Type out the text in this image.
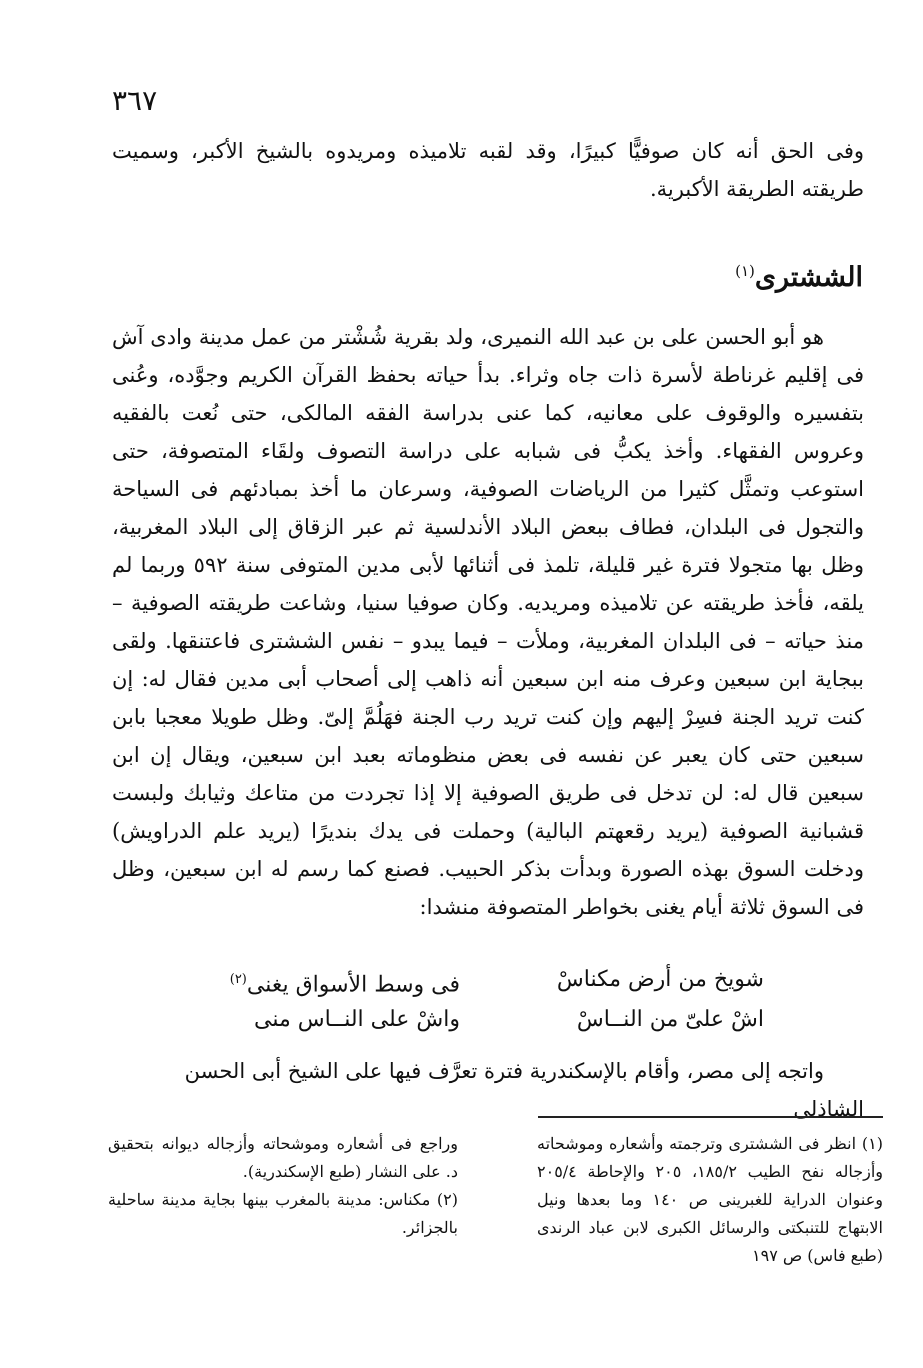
٣٦٧
وفى الحق أنه كان صوفيًّا كبيرًا، وقد لقبه تلاميذه ومريدوه بالشيخ الأكبر، وسميت طريقته الطريقة الأكبرية.
الششترى$^{(١)}$
هو أبو الحسن على بن عبد الله النميرى، ولد بقرية شُشْتر من عمل مدينة وادى آش فى إقليم غرناطة لأسرة ذات جاه وثراء. بدأ حياته بحفظ القرآن الكريم وجوَّده، وعُنى بتفسيره والوقوف على معانيه، كما عنى بدراسة الفقه المالكى، حتى نُعت بالفقيه وعروس الفقهاء. وأخذ يكبُّ فى شبابه على دراسة التصوف ولقَاء المتصوفة، حتى استوعب وتمثَّل كثيرا من الرياضات الصوفية، وسرعان ما أخذ بمبادئهم فى السياحة والتجول فى البلدان، فطاف ببعض البلاد الأندلسية ثم عبر الزقاق إلى البلاد المغربية، وظل بها متجولا فترة غير قليلة، تلمذ فى أثنائها لأبى مدين المتوفى سنة ٥٩٢ وربما لم يلقه، فأخذ طريقته عن تلاميذه ومريديه. وكان صوفيا سنيا، وشاعت طريقته الصوفية – منذ حياته – فى البلدان المغربية، وملأت – فيما يبدو – نفس الششترى فاعتنقها. ولقى ببجاية ابن سبعين وعرف منه ابن سبعين أنه ذاهب إلى أصحاب أبى مدين فقال له: إن كنت تريد الجنة فسِرْ إليهم وإن كنت تريد رب الجنة فهَلُمَّ إلىّ. وظل طويلا معجبا بابن سبعين حتى كان يعبر عن نفسه فى بعض منظوماته بعبد ابن سبعين، ويقال إن ابن سبعين قال له: لن تدخل فى طريق الصوفية إلا إذا تجردت من متاعك وثيابك ولبست قشبانية الصوفية (يريد رقعهتم البالية) وحملت فى يدك بنديرًا (يريد علم الدراويش) ودخلت السوق بهذه الصورة وبدأت بذكر الحبيب. فصنع كما رسم له ابن سبعين، وظل فى السوق ثلاثة أيام يغنى بخواطر المتصوفة منشدا:
شويخ من أرض مكناسْ
فى وسط الأسواق يغنى$^{(٢)}$
اشْ علىّ من النــاسْ
واشْ على النــاس منى
واتجه إلى مصر، وأقام بالإسكندرية فترة تعرَّف فيها على الشيخ أبى الحسن الشاذلى

(١) انظر فى الششترى وترجمته وأشعاره وموشحاته وأزجاله نفح الطيب ١٨٥/٢، ٢٠٥ والإحاطة ٢٠٥/٤ وعنوان الدراية للغبرينى ص ١٤٠ وما بعدها ونيل الابتهاج للتنبكتى والرسائل الكبرى لابن عباد الرندى (طبع فاس) ص ١٩٧

وراجع فى أشعاره وموشحاته وأزجاله ديوانه بتحقيق د. على النشار (طبع الإسكندرية).

(٢) مكناس: مدينة بالمغرب بينها بجاية مدينة ساحلية بالجزائر.
